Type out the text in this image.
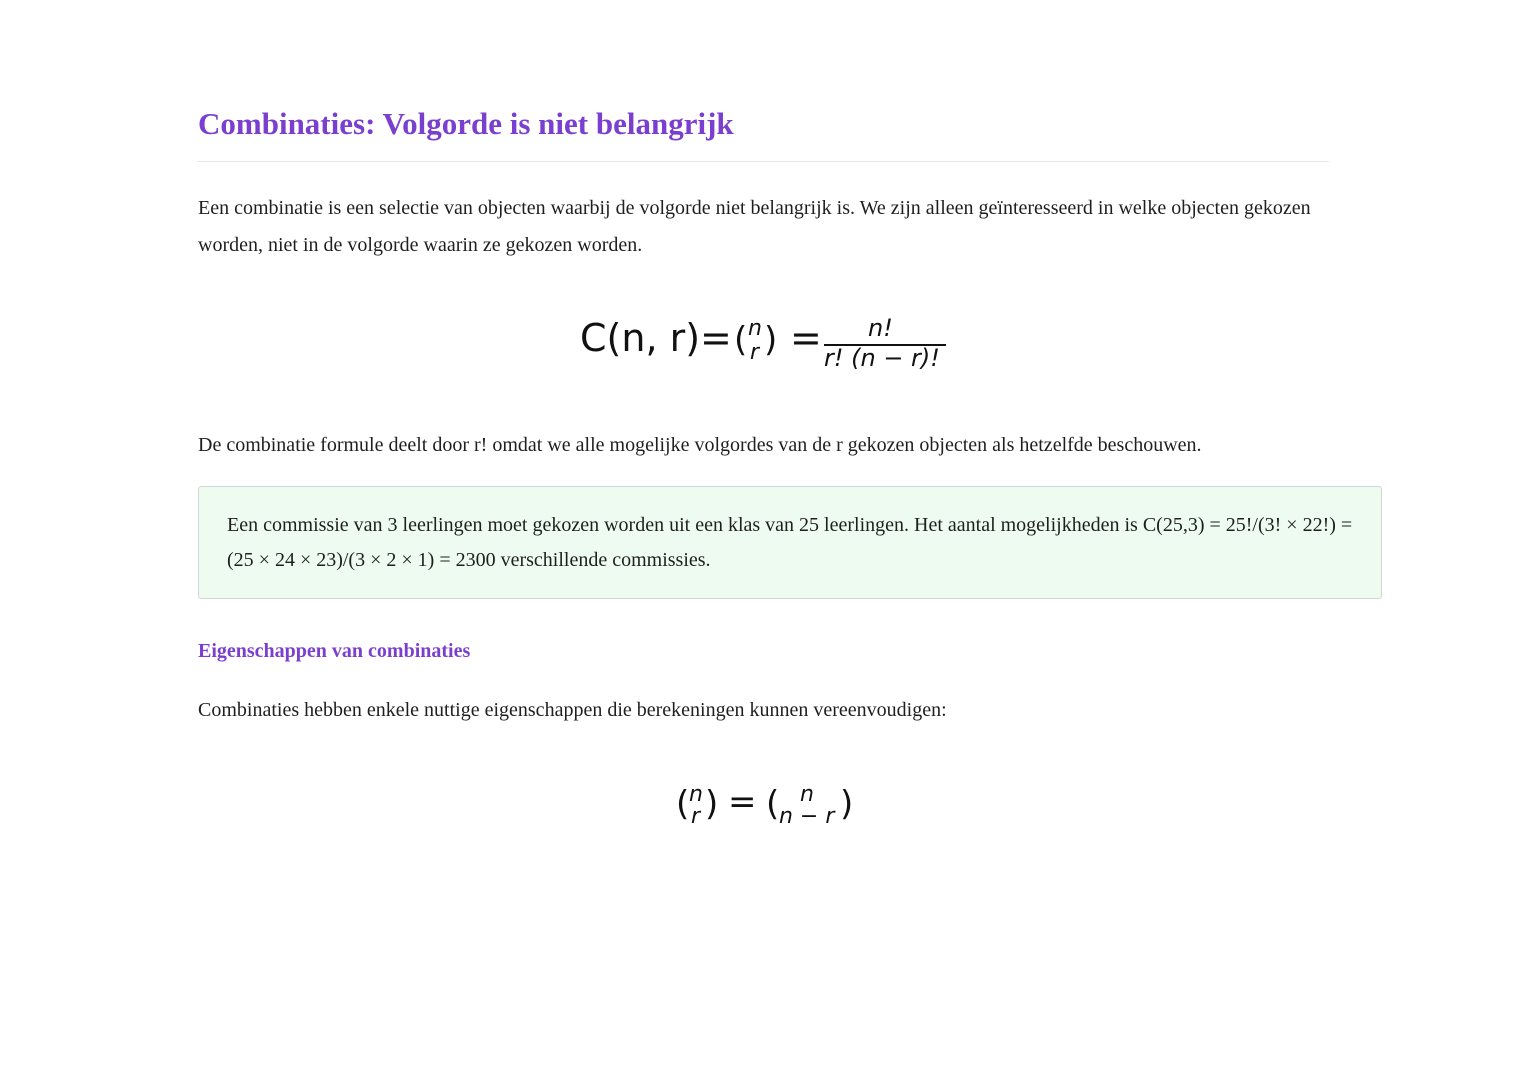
Combinaties: Volgorde is niet belangrijk

Een combinatie is een selectie van objecten waarbij de volgorde niet belangrijk is. We zijn alleen geïnteresseerd in welke objecten gekozen worden, niet in de volgorde waarin ze gekozen worden.

C(n, r) = ( n
r ) = n!
r! (n − r)!

De combinatie formule deelt door r! omdat we alle mogelijke volgordes van de r gekozen objecten als hetzelfde beschouwen.

Een commissie van 3 leerlingen moet gekozen worden uit een klas van 25 leerlingen. Het aantal mogelijkheden is C(25,3) = 25!/(3! × 22!) = (25 × 24 × 23)/(3 × 2 × 1) = 2300 verschillende commissies.

Eigenschappen van combinaties

Combinaties hebben enkele nuttige eigenschappen die berekeningen kunnen vereenvoudigen:

( n
r ) = ( n
n − r )
